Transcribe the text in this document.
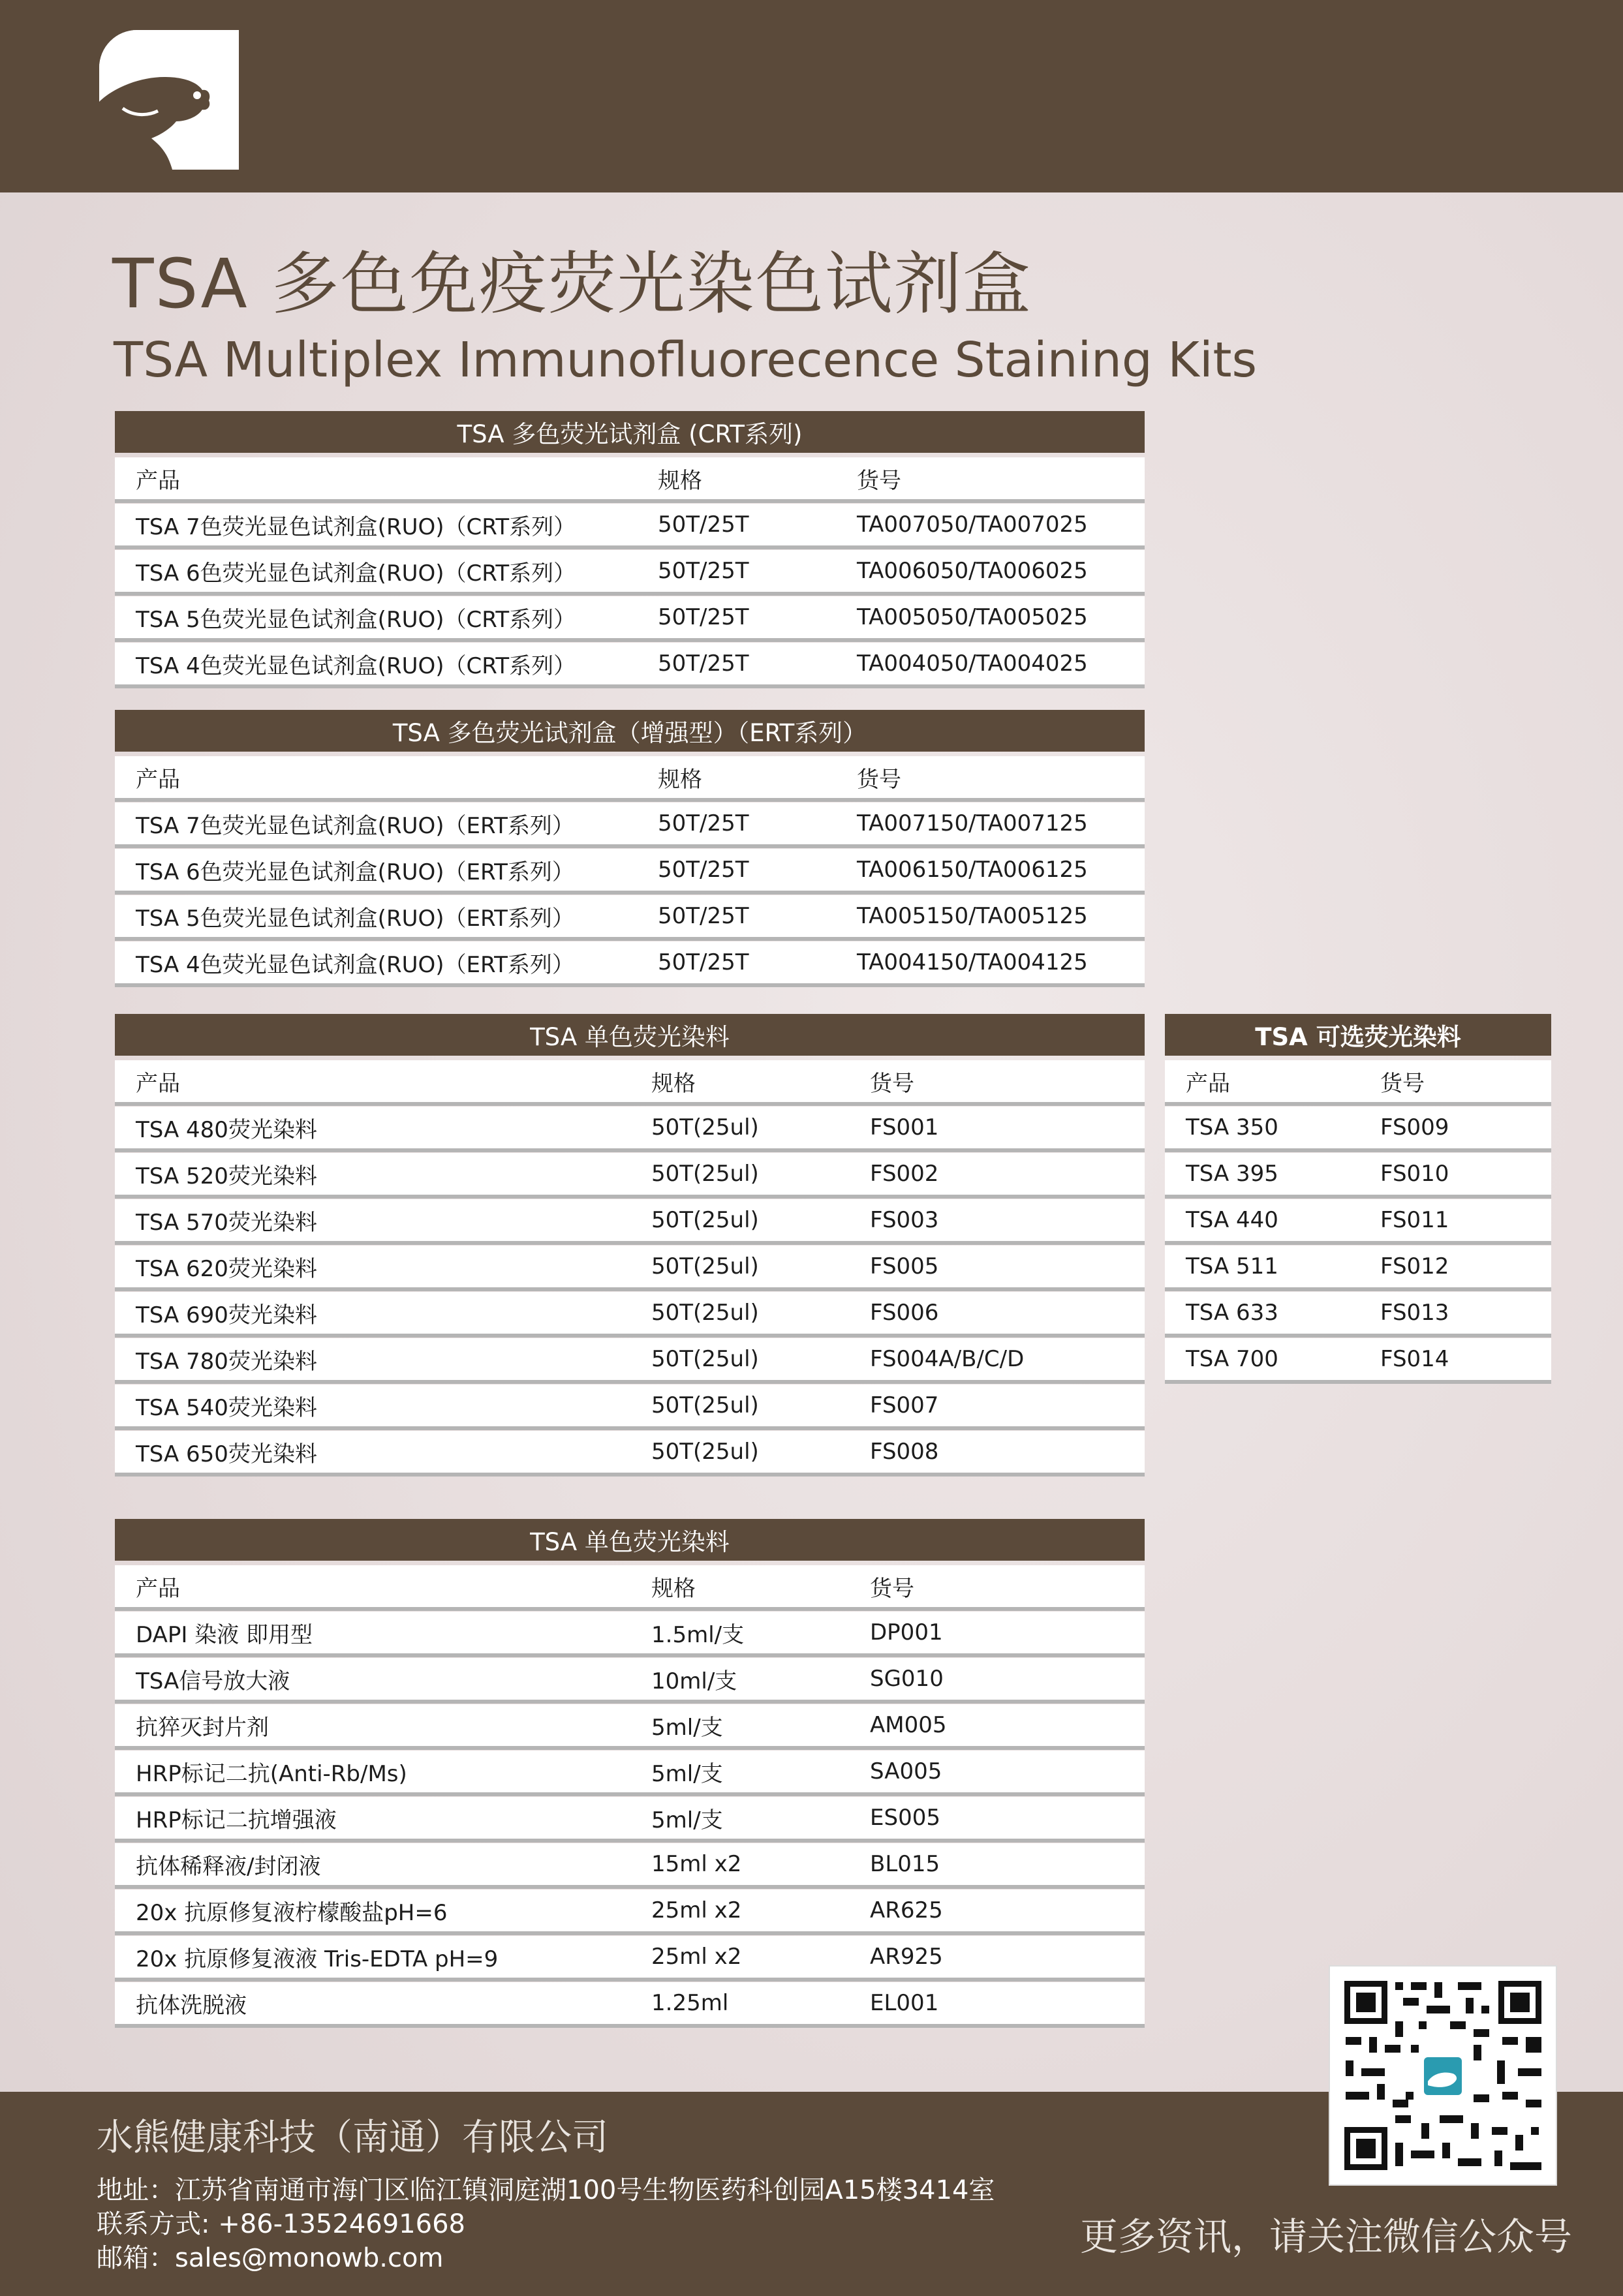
TSA 多色免疫荧光染色试剂盒
TSA Multiplex Immunofluorecence Staining Kits
TSA 多色荧光试剂盒 (CRT系列)		
产品	规格	货号
TSA 7色荧光显色试剂盒(RUO)（CRT系列）	50T/25T	TA007050/TA007025
TSA 6色荧光显色试剂盒(RUO)（CRT系列）	50T/25T	TA006050/TA006025
TSA 5色荧光显色试剂盒(RUO)（CRT系列）	50T/25T	TA005050/TA005025
TSA 4色荧光显色试剂盒(RUO)（CRT系列）	50T/25T	TA004050/TA004025
TSA 多色荧光试剂盒（增强型）（ERT系列）		
产品	规格	货号
TSA 7色荧光显色试剂盒(RUO)（ERT系列）	50T/25T	TA007150/TA007125
TSA 6色荧光显色试剂盒(RUO)（ERT系列）	50T/25T	TA006150/TA006125
TSA 5色荧光显色试剂盒(RUO)（ERT系列）	50T/25T	TA005150/TA005125
TSA 4色荧光显色试剂盒(RUO)（ERT系列）	50T/25T	TA004150/TA004125
TSA 单色荧光染料		
产品	规格	货号
TSA 480荧光染料	50T(25ul)	FS001
TSA 520荧光染料	50T(25ul)	FS002
TSA 570荧光染料	50T(25ul)	FS003
TSA 620荧光染料	50T(25ul)	FS005
TSA 690荧光染料	50T(25ul)	FS006
TSA 780荧光染料	50T(25ul)	FS004A/B/C/D
TSA 540荧光染料	50T(25ul)	FS007
TSA 650荧光染料	50T(25ul)	FS008
TSA 可选荧光染料	
产品	货号
TSA 350	FS009
TSA 395	FS010
TSA 440	FS011
TSA 511	FS012
TSA 633	FS013
TSA 700	FS014
TSA 单色荧光染料		
产品	规格	货号
DAPI 染液 即用型	1.5ml/支	DP001
TSA信号放大液	10ml/支	SG010
抗猝灭封片剂	5ml/支	AM005
HRP标记二抗(Anti-Rb/Ms)	5ml/支	SA005
HRP标记二抗增强液	5ml/支	ES005
抗体稀释液/封闭液	15ml x2	BL015
20x 抗原修复液柠檬酸盐pH=6	25ml x2	AR625
20x 抗原修复液液 Tris-EDTA pH=9	25ml x2	AR925
抗体洗脱液	1.25ml	EL001
水熊健康科技（南通）有限公司
地址：江苏省南通市海门区临江镇洞庭湖100号生物医药科创园A15楼3414室
联系方式: +86-13524691668
邮箱：sales@monowb.com	更多资讯，请关注微信公众号
